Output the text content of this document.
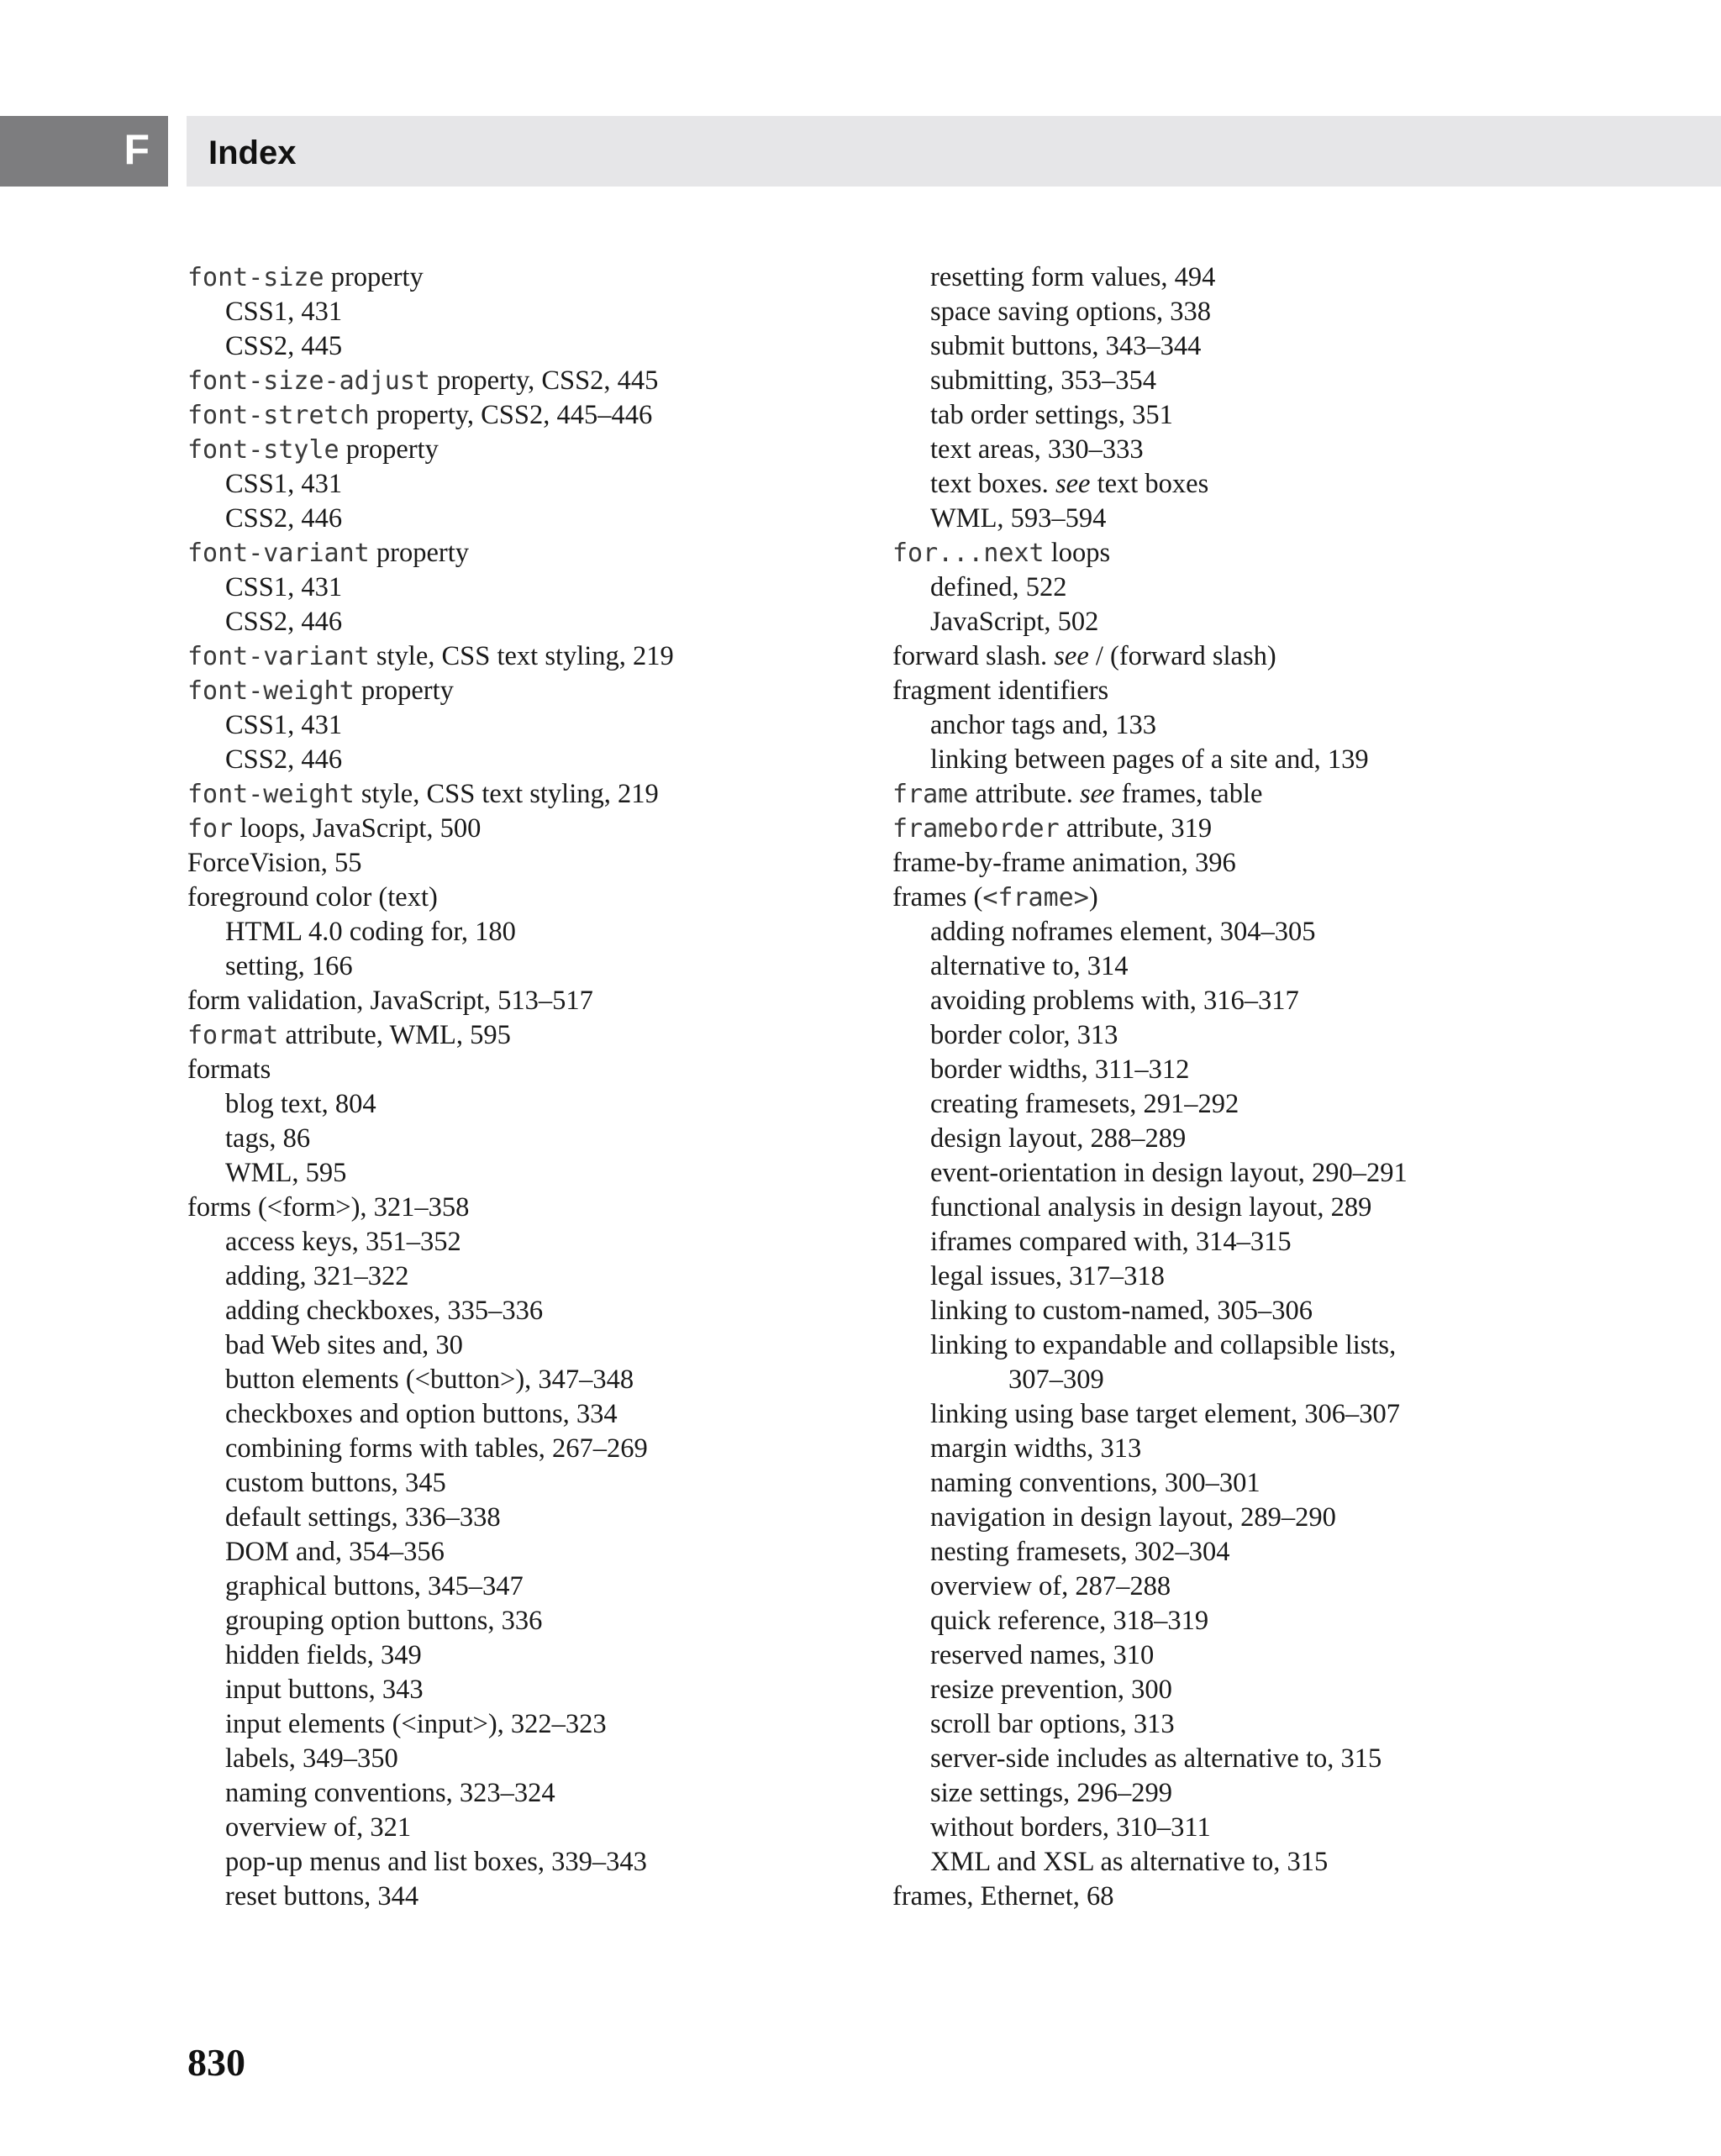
F Index
font-size property
CSS1, 431
CSS2, 445
font-size-adjust property, CSS2, 445
font-stretch property, CSS2, 445–446
font-style property
CSS1, 431
CSS2, 446
font-variant property
CSS1, 431
CSS2, 446
font-variant style, CSS text styling, 219
font-weight property
CSS1, 431
CSS2, 446
font-weight style, CSS text styling, 219
for loops, JavaScript, 500
ForceVision, 55
foreground color (text)
HTML 4.0 coding for, 180
setting, 166
form validation, JavaScript, 513–517
format attribute, WML, 595
formats
blog text, 804
tags, 86
WML, 595
forms (<form>), 321–358
access keys, 351–352
adding, 321–322
adding checkboxes, 335–336
bad Web sites and, 30
button elements (<button>), 347–348
checkboxes and option buttons, 334
combining forms with tables, 267–269
custom buttons, 345
default settings, 336–338
DOM and, 354–356
graphical buttons, 345–347
grouping option buttons, 336
hidden fields, 349
input buttons, 343
input elements (<input>), 322–323
labels, 349–350
naming conventions, 323–324
overview of, 321
pop-up menus and list boxes, 339–343
reset buttons, 344
resetting form values, 494
space saving options, 338
submit buttons, 343–344
submitting, 353–354
tab order settings, 351
text areas, 330–333
text boxes. see text boxes
WML, 593–594
for...next loops
defined, 522
JavaScript, 502
forward slash. see / (forward slash)
fragment identifiers
anchor tags and, 133
linking between pages of a site and, 139
frame attribute. see frames, table
frameborder attribute, 319
frame-by-frame animation, 396
frames (<frame>)
adding noframes element, 304–305
alternative to, 314
avoiding problems with, 316–317
border color, 313
border widths, 311–312
creating framesets, 291–292
design layout, 288–289
event-orientation in design layout, 290–291
functional analysis in design layout, 289
iframes compared with, 314–315
legal issues, 317–318
linking to custom-named, 305–306
linking to expandable and collapsible lists,
307–309
linking using base target element, 306–307
margin widths, 313
naming conventions, 300–301
navigation in design layout, 289–290
nesting framesets, 302–304
overview of, 287–288
quick reference, 318–319
reserved names, 310
resize prevention, 300
scroll bar options, 313
server-side includes as alternative to, 315
size settings, 296–299
without borders, 310–311
XML and XSL as alternative to, 315
frames, Ethernet, 68
830
